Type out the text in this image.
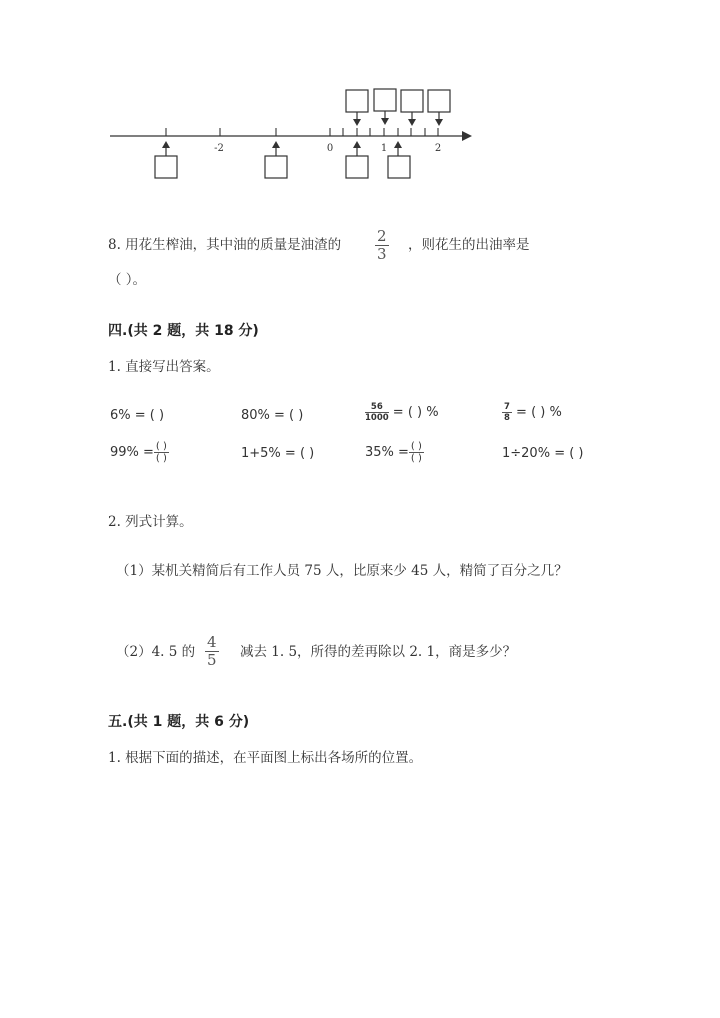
-2	0	1	2
8. 用花生榨油，其中油的质量是油渣的 $\frac{2}{3}$ ，则花生的出油率是
（ ）。
四.(共 2 题，共 18 分)
1. 直接写出答案。
6% = ( )	80% = ( )	$\frac{56}{1000}$ = ( ) %	$\frac{7}{8}$ = ( ) %
$99\% = \frac{( )}{( )}$	1+5% = ( )	$35\% = \frac{( )}{( )}$	1÷20% = ( )
2. 列式计算。
（1）某机关精简后有工作人员 75 人，比原来少 45 人，精简了百分之几？
（2）4. 5 的 $\frac{4}{5}$ 减去 1. 5，所得的差再除以 2. 1，商是多少？
五.(共 1 题，共 6 分)
1. 根据下面的描述，在平面图上标出各场所的位置。
